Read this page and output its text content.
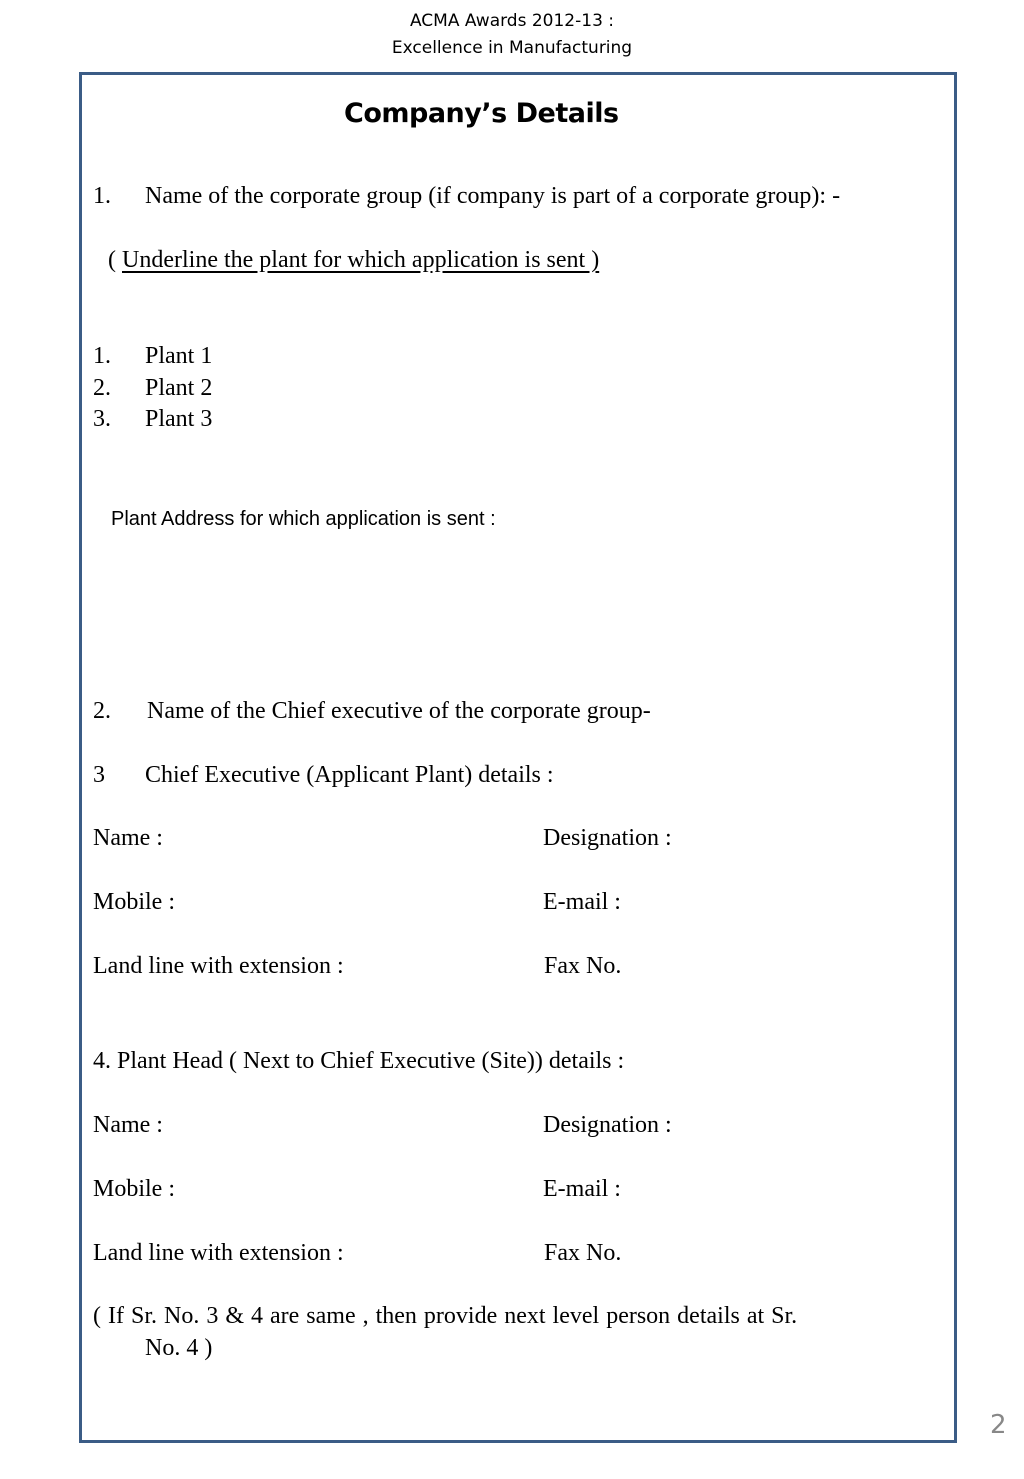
ACMA Awards 2012-13 :
Excellence in Manufacturing
Company’s Details
1. Name of the corporate group (if company is part of a corporate group): -
( Underline the plant for which application is sent )
1. Plant 1
2. Plant 2
3. Plant 3
Plant Address for which application is sent :
2. Name of the Chief executive of the corporate group-
3 Chief Executive (Applicant Plant) details :
Name :	Designation :
Mobile :	E-mail :
Land line with extension :	Fax No.
4. Plant Head ( Next to Chief Executive (Site)) details :
Name :	Designation :
Mobile :	E-mail :
Land line with extension :	Fax No.
( If Sr. No. 3 & 4 are same , then provide next level person details at Sr.
No. 4 )
2
